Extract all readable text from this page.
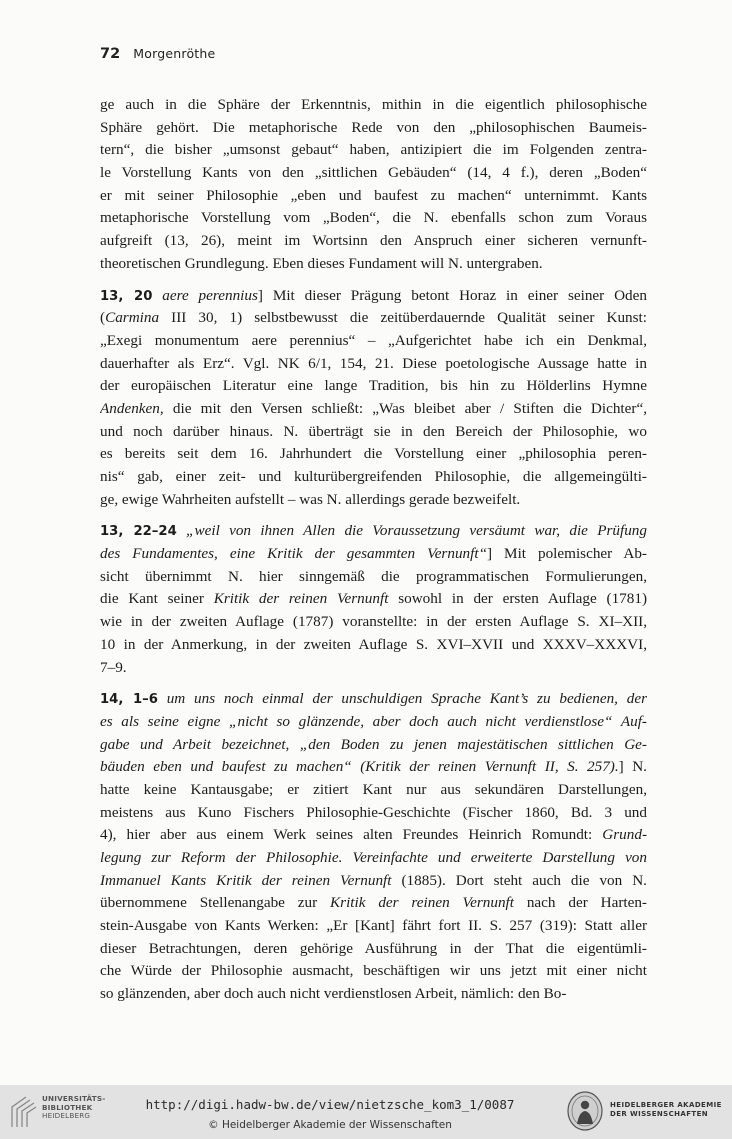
72 Morgenröthe
ge auch in die Sphäre der Erkenntnis, mithin in die eigentlich philosophische
Sphäre gehört. Die metaphorische Rede von den „philosophischen Baumeis-
tern“, die bisher „umsonst gebaut“ haben, antizipiert die im Folgenden zentra-
le Vorstellung Kants von den „sittlichen Gebäuden“ (14, 4 f.), deren „Boden“
er mit seiner Philosophie „eben und baufest zu machen“ unternimmt. Kants
metaphorische Vorstellung vom „Boden“, die N. ebenfalls schon zum Voraus
aufgreift (13, 26), meint im Wortsinn den Anspruch einer sicheren vernunft-
theoretischen Grundlegung. Eben dieses Fundament will N. untergraben.
13, 20 aere perennius] Mit dieser Prägung betont Horaz in einer seiner Oden
(Carmina III 30, 1) selbstbewusst die zeitüberdauernde Qualität seiner Kunst:
„Exegi monumentum aere perennius“ – „Aufgerichtet habe ich ein Denkmal,
dauerhafter als Erz“. Vgl. NK 6/1, 154, 21. Diese poetologische Aussage hatte in
der europäischen Literatur eine lange Tradition, bis hin zu Hölderlins Hymne
Andenken, die mit den Versen schließt: „Was bleibet aber / Stiften die Dichter“,
und noch darüber hinaus. N. überträgt sie in den Bereich der Philosophie, wo
es bereits seit dem 16. Jahrhundert die Vorstellung einer „philosophia peren-
nis“ gab, einer zeit- und kulturübergreifenden Philosophie, die allgemeingülti-
ge, ewige Wahrheiten aufstellt – was N. allerdings gerade bezweifelt.
13, 22–24 „weil von ihnen Allen die Voraussetzung versäumt war, die Prüfung
des Fundamentes, eine Kritik der gesammten Vernunft“] Mit polemischer Ab-
sicht übernimmt N. hier sinngemäß die programmatischen Formulierungen,
die Kant seiner Kritik der reinen Vernunft sowohl in der ersten Auflage (1781)
wie in der zweiten Auflage (1787) voranstellte: in der ersten Auflage S. XI–XII,
10 in der Anmerkung, in der zweiten Auflage S. XVI–XVII und XXXV–XXXVI,
7–9.
14, 1–6 um uns noch einmal der unschuldigen Sprache Kant’s zu bedienen, der
es als seine eigne „nicht so glänzende, aber doch auch nicht verdienstlose“ Auf-
gabe und Arbeit bezeichnet, „den Boden zu jenen majestätischen sittlichen Ge-
bäuden eben und baufest zu machen“ (Kritik der reinen Vernunft II, S. 257).] N.
hatte keine Kantausgabe; er zitiert Kant nur aus sekundären Darstellungen,
meistens aus Kuno Fischers Philosophie-Geschichte (Fischer 1860, Bd. 3 und
4), hier aber aus einem Werk seines alten Freundes Heinrich Romundt: Grund-
legung zur Reform der Philosophie. Vereinfachte und erweiterte Darstellung von
Immanuel Kants Kritik der reinen Vernunft (1885). Dort steht auch die von N.
übernommene Stellenangabe zur Kritik der reinen Vernunft nach der Harten-
stein-Ausgabe von Kants Werken: „Er [Kant] fährt fort II. S. 257 (319): Statt aller
dieser Betrachtungen, deren gehörige Ausführung in der That die eigentümli-
che Würde der Philosophie ausmacht, beschäftigen wir uns jetzt mit einer nicht
so glänzenden, aber doch auch nicht verdienstlosen Arbeit, nämlich: den Bo-
UNIVERSITÄTS-
BIBLIOTHEK
HEIDELBERG
http://digi.hadw-bw.de/view/nietzsche_kom3_1/0087
© Heidelberger Akademie der Wissenschaften
HEIDELBERGER AKADEMIE
DER WISSENSCHAFTEN
